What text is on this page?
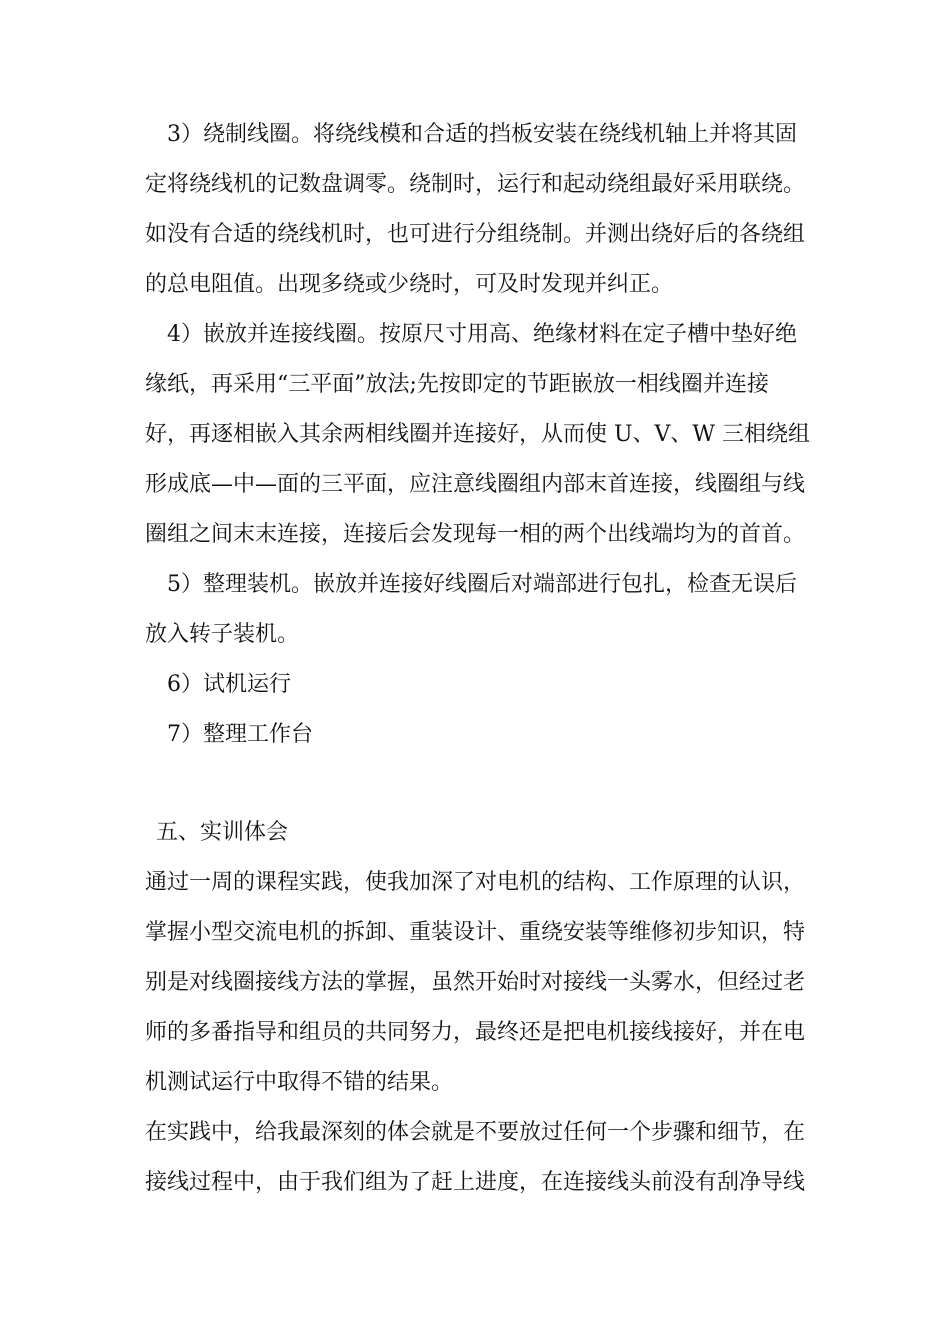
3）绕制线圈。将绕线模和合适的挡板安装在绕线机轴上并将其固
定将绕线机的记数盘调零。绕制时，运行和起动绕组最好采用联绕。
如没有合适的绕线机时，也可进行分组绕制。并测出绕好后的各绕组
的总电阻值。出现多绕或少绕时，可及时发现并纠正。
4）嵌放并连接线圈。按原尺寸用高、绝缘材料在定子槽中垫好绝
缘纸，再采用“三平面”放法;先按即定的节距嵌放一相线圈并连接
好，再逐相嵌入其余两相线圈并连接好，从而使 U、V、W 三相绕组
形成底—中—面的三平面，应注意线圈组内部末首连接，线圈组与线
圈组之间末末连接，连接后会发现每一相的两个出线端均为的首首。
5）整理装机。嵌放并连接好线圈后对端部进行包扎，检查无误后
放入转子装机。
6）试机运行
7）整理工作台
五、实训体会
通过一周的课程实践，使我加深了对电机的结构、工作原理的认识，
掌握小型交流电机的拆卸、重装设计、重绕安装等维修初步知识，特
别是对线圈接线方法的掌握，虽然开始时对接线一头雾水，但经过老
师的多番指导和组员的共同努力，最终还是把电机接线接好，并在电
机测试运行中取得不错的结果。
在实践中，给我最深刻的体会就是不要放过任何一个步骤和细节，在
接线过程中，由于我们组为了赶上进度，在连接线头前没有刮净导线
